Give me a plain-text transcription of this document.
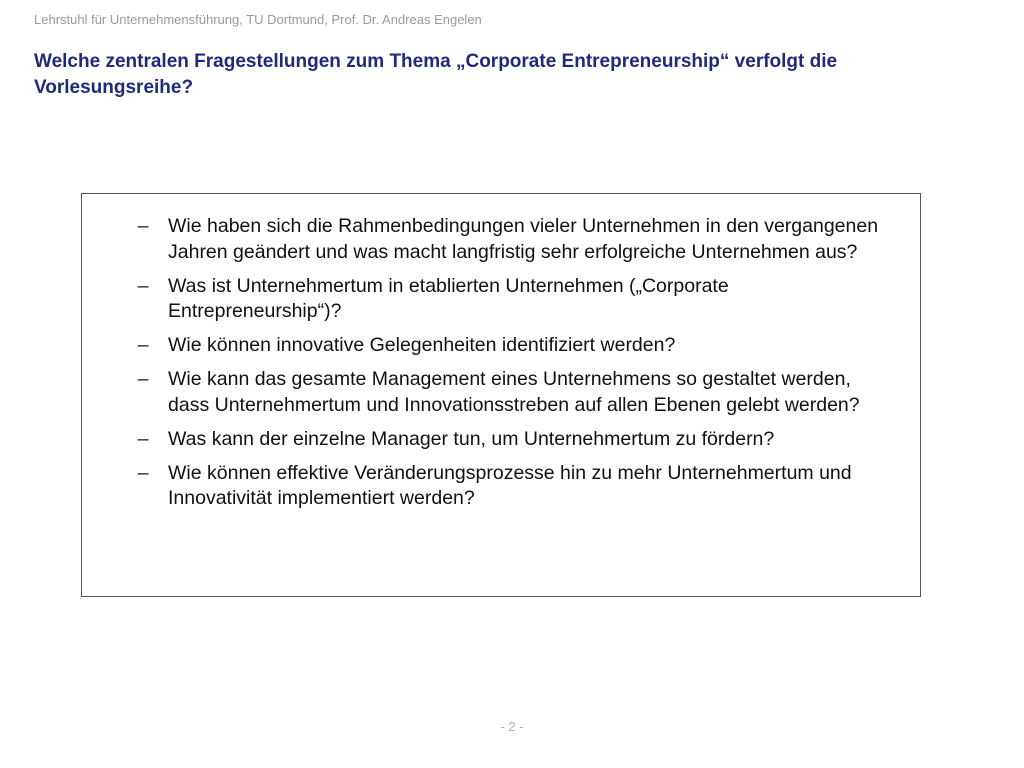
Lehrstuhl für Unternehmensführung, TU Dortmund, Prof. Dr. Andreas Engelen
Welche zentralen Fragestellungen zum Thema „Corporate Entrepreneurship“ verfolgt die Vorlesungsreihe?
– Wie haben sich die Rahmenbedingungen vieler Unternehmen in den vergangenen Jahren geändert und was macht langfristig sehr erfolgreiche Unternehmen aus?
– Was ist Unternehmertum in etablierten Unternehmen („Corporate Entrepreneurship“)?
– Wie können innovative Gelegenheiten identifiziert werden?
– Wie kann das gesamte Management eines Unternehmens so gestaltet werden, dass Unternehmertum und Innovationsstreben auf allen Ebenen gelebt werden?
– Was kann der einzelne Manager tun, um Unternehmertum zu fördern?
– Wie können effektive Veränderungsprozesse hin zu mehr Unternehmertum und Innovativität implementiert werden?
- 2 -
